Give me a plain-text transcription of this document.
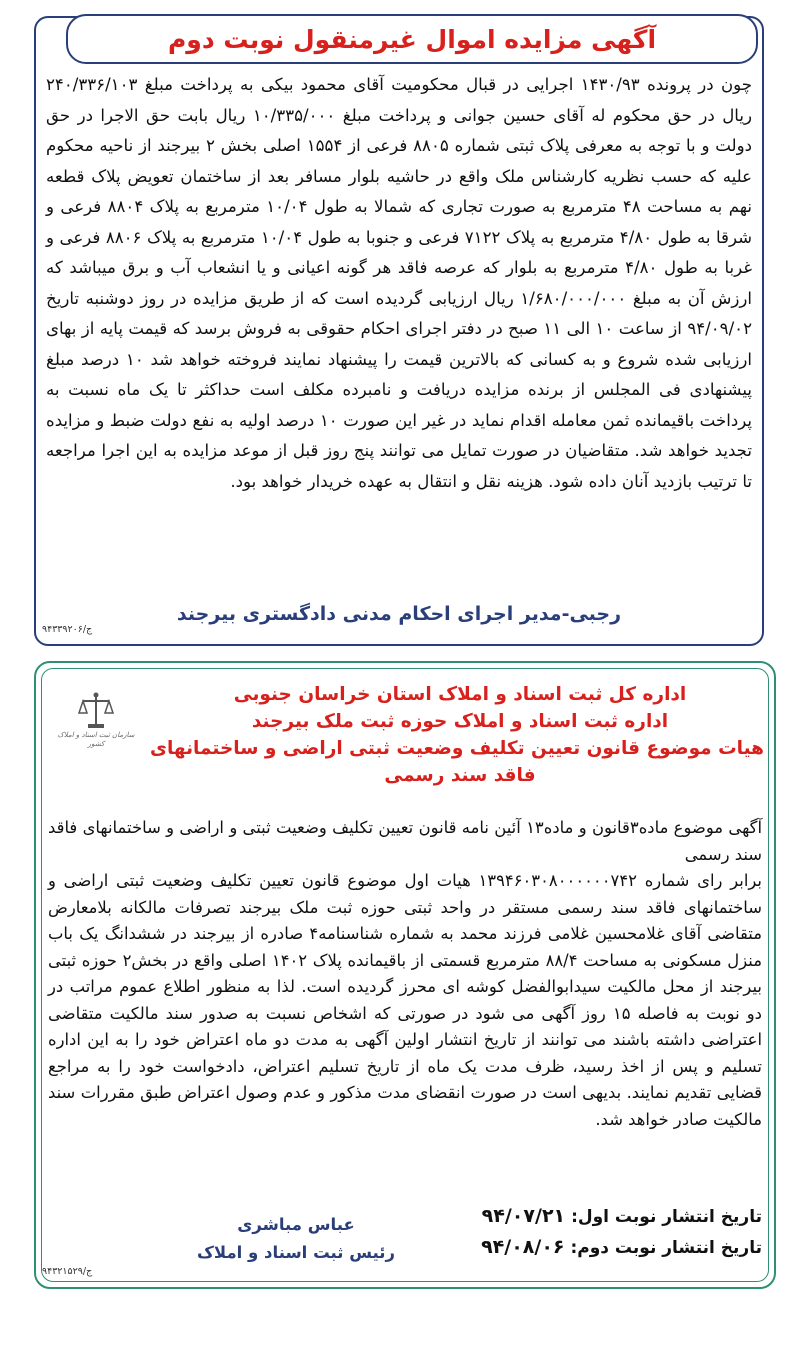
آگهی مزایده اموال غیرمنقول نوبت دوم

چون در پرونده ۱۴۳۰/۹۳ اجرایی در قبال محکومیت آقای محمود بیکی به پرداخت مبلغ ۲۴۰/۳۳۶/۱۰۳ ریال در حق محکوم له آقای حسین جوانی و پرداخت مبلغ ۱۰/۳۳۵/۰۰۰ ریال بابت حق الاجرا در حق دولت و با توجه به معرفی پلاک ثبتی شماره ۸۸۰۵ فرعی از ۱۵۵۴ اصلی بخش ۲ بیرجند از ناحیه محکوم علیه که حسب نظریه کارشناس ملک واقع در حاشیه بلوار مسافر بعد از ساختمان تعویض پلاک قطعه نهم به مساحت ۴۸ مترمربع به صورت تجاری که شمالا به طول ۱۰/۰۴ مترمربع به پلاک ۸۸۰۴ فرعی و شرقا به طول ۴/۸۰ مترمربع به پلاک ۷۱۲۲ فرعی و جنوبا به طول ۱۰/۰۴ مترمربع به پلاک ۸۸۰۶ فرعی و غربا به طول ۴/۸۰ مترمربع به بلوار که عرصه فاقد هر گونه اعیانی و یا انشعاب آب و برق میباشد که ارزش آن به مبلغ ۱/۶۸۰/۰۰۰/۰۰۰ ریال ارزیابی گردیده است که از طریق مزایده در روز دوشنبه تاریخ ۹۴/۰۹/۰۲ از ساعت ۱۰ الی ۱۱ صبح در دفتر اجرای احکام حقوقی به فروش برسد که قیمت پایه از بهای ارزیابی شده شروع و به کسانی که بالاترین قیمت را پیشنهاد نمایند فروخته خواهد شد ۱۰ درصد مبلغ پیشنهادی فی المجلس از برنده مزایده دریافت و نامبرده مکلف است حداکثر تا یک ماه نسبت به پرداخت باقیمانده ثمن معامله اقدام نماید در غیر این صورت ۱۰ درصد اولیه به نفع دولت ضبط و مزایده تجدید خواهد شد. متقاضیان در صورت تمایل می توانند پنج روز قبل از موعد مزایده به این اجرا مراجعه تا ترتیب بازدید آنان داده شود. هزینه نقل و انتقال به عهده خریدار خواهد بود.

رجبی-مدیر اجرای احکام مدنی دادگستری بیرجند
ج/۹۴۳۳۹۲۰۶
سازمان ثبت اسناد و املاک کشور
اداره کل ثبت اسناد و املاک استان خراسان جنوبی
اداره ثبت اسناد و املاک حوزه ثبت ملک بیرجند
هیات موضوع قانون تعیین تکلیف وضعیت ثبتی اراضی و ساختمانهای
فاقد سند رسمی

آگهی موضوع ماده۳قانون و ماده۱۳ آئین نامه قانون تعیین تکلیف وضعیت ثبتی و اراضی و ساختمانهای فاقد سند رسمی

برابر رای شماره ۱۳۹۴۶۰۳۰۸۰۰۰۰۰۰۷۴۲ هیات اول موضوع قانون تعیین تکلیف وضعیت ثبتی اراضی و ساختمانهای فاقد سند رسمی مستقر در واحد ثبتی حوزه ثبت ملک بیرجند تصرفات مالکانه بلامعارض متقاضی آقای غلامحسین غلامی فرزند محمد به شماره شناسنامه۴ صادره از بیرجند در ششدانگ یک باب منزل مسکونی به مساحت ۸۸/۴ مترمربع قسمتی از باقیمانده پلاک ۱۴۰۲ اصلی واقع در بخش۲ حوزه ثبتی بیرجند از محل مالکیت سیدابوالفضل کوشه ای محرز گردیده است. لذا به منظور اطلاع عموم مراتب در دو نوبت به فاصله ۱۵ روز آگهی می شود در صورتی که اشخاص نسبت به صدور سند مالکیت متقاضی اعتراضی داشته باشند می توانند از تاریخ انتشار اولین آگهی به مدت دو ماه اعتراض خود را به این اداره تسلیم و پس از اخذ رسید، ظرف مدت یک ماه از تاریخ تسلیم اعتراض، دادخواست خود را به مراجع قضایی تقدیم نمایند. بدیهی است در صورت انقضای مدت مذکور و عدم وصول اعتراض طبق مقررات سند مالکیت صادر خواهد شد.

تاریخ انتشار نوبت اول: ۹۴/۰۷/۲۱
تاریخ انتشار نوبت دوم: ۹۴/۰۸/۰۶
عباس مباشری
رئیس ثبت اسناد و املاک
ج/۹۴۳۲۱۵۲۹
